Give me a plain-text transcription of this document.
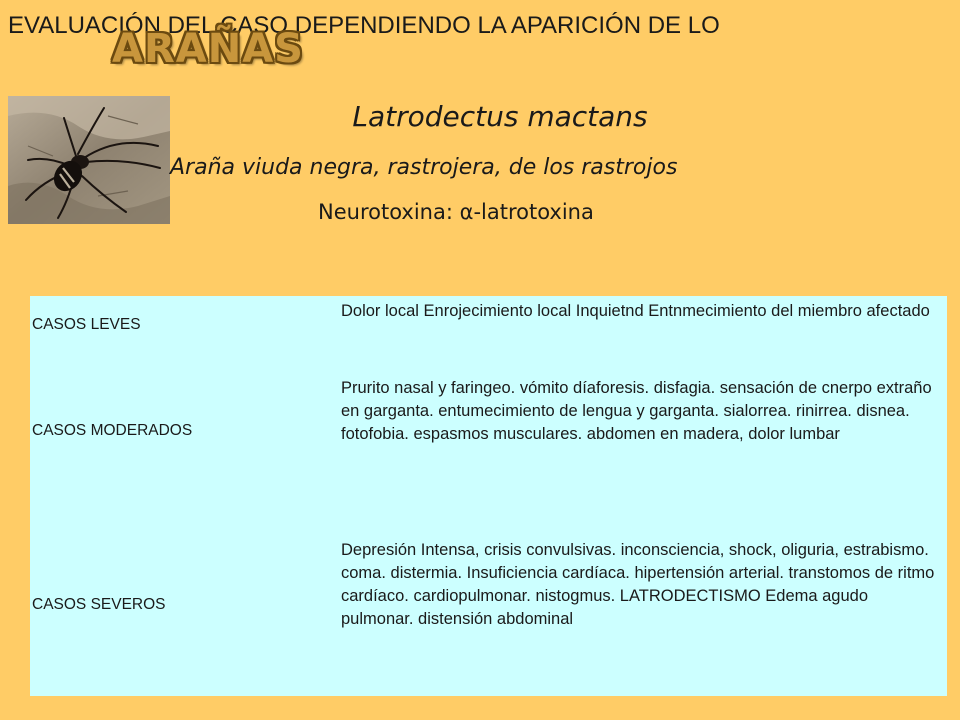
EVALUACIÓN DEL CASO DEPENDIENDO LA APARICIÓN DE LO
ARAÑAS
Latrodectus mactans
Araña viuda negra, rastrojera, de los rastrojos
Neurotoxina: α-latrotoxina
CASOS LEVES
Dolor local Enrojecimiento local Inquietnd Entnmecimiento del miembro afectado
CASOS MODERADOS
Prurito nasal y faringeo. vómito díaforesis. disfagia. sensación de cnerpo extraño en garganta. entumecimiento de lengua y garganta. sialorrea. rinirrea. disnea. fotofobia. espasmos musculares. abdomen en madera, dolor lumbar
CASOS SEVEROS
Depresión Intensa, crisis convulsivas. inconsciencia, shock, oliguria, estrabismo. coma. distermia. Insuficiencia cardíaca. hipertensión arterial. transtomos de ritmo cardíaco. cardiopulmonar. nistogmus. LATRODECTISMO Edema agudo pulmonar. distensión abdominal
